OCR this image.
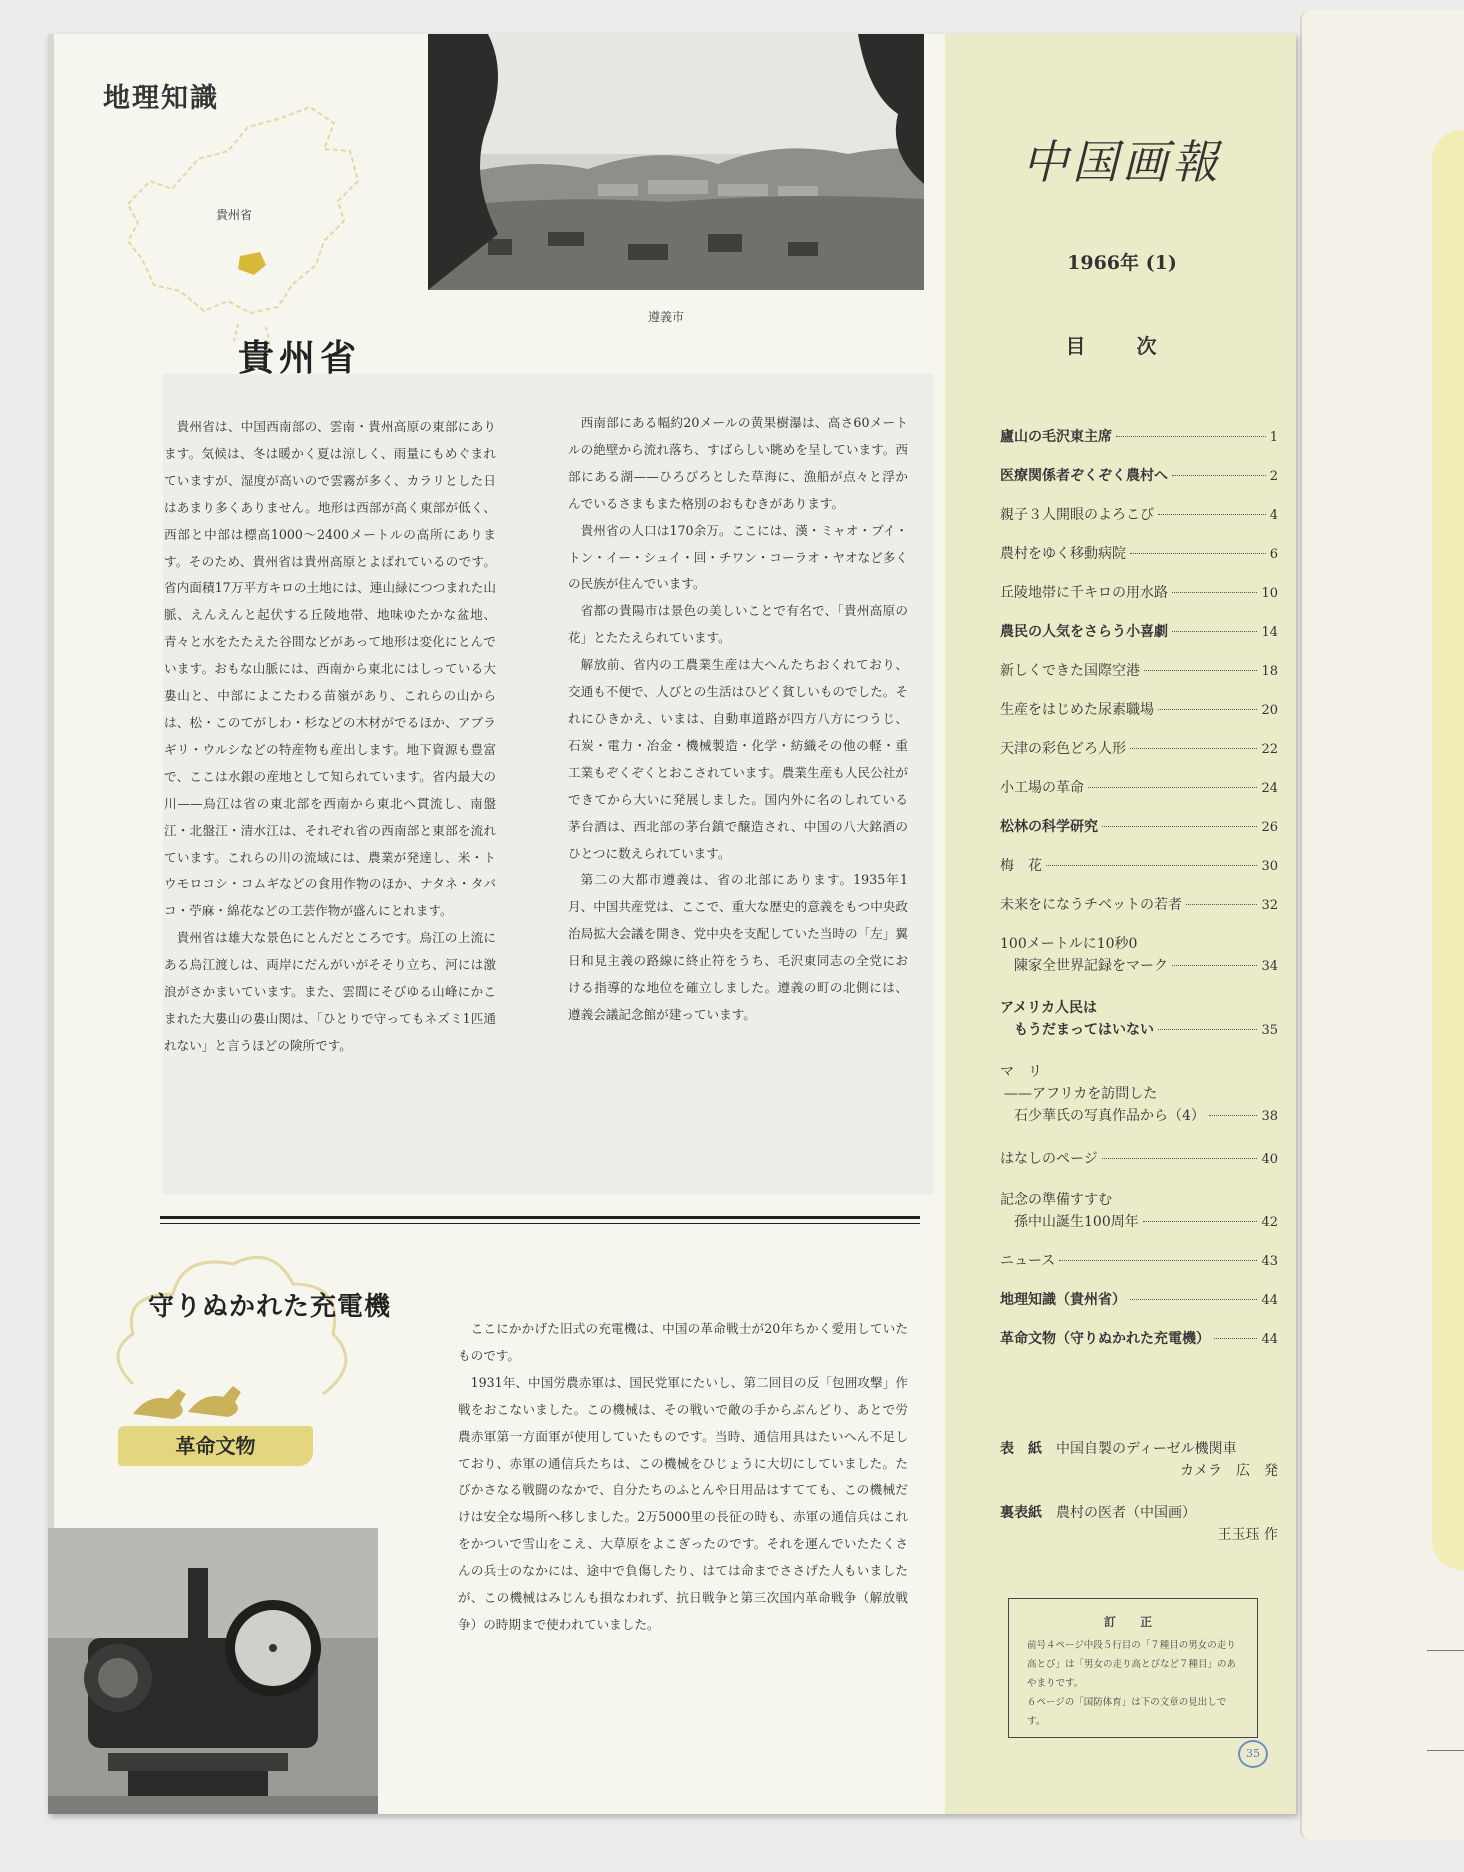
地理知識
貴州省
遵義市
貴州省

貴州省は、中国西南部の、雲南・貴州高原の東部にあります。気候は、冬は暖かく夏は涼しく、雨量にもめぐまれていますが、湿度が高いので雲霧が多く、カラリとした日はあまり多くありません。地形は西部が高く東部が低く、西部と中部は標高1000～2400メートルの高所にあります。そのため、貴州省は貴州高原とよばれているのです。省内面積17万平方キロの土地には、連山緑につつまれた山脈、えんえんと起伏する丘陵地帯、地味ゆたかな盆地、青々と水をたたえた谷間などがあって地形は変化にとんでいます。おもな山脈には、西南から東北にはしっている大婁山と、中部によこたわる苗嶺があり、これらの山からは、松・このてがしわ・杉などの木材がでるほか、アブラギリ・ウルシなどの特産物も産出します。地下資源も豊富で、ここは水銀の産地として知られています。省内最大の川——烏江は省の東北部を西南から東北へ貫流し、南盤江・北盤江・清水江は、それぞれ省の西南部と東部を流れています。これらの川の流域には、農業が発達し、米・トウモロコシ・コムギなどの食用作物のほか、ナタネ・タバコ・苧麻・綿花などの工芸作物が盛んにとれます。

貴州省は雄大な景色にとんだところです。烏江の上流にある烏江渡しは、両岸にだんがいがそそり立ち、河には激浪がさかまいています。また、雲間にそびゆる山峰にかこまれた大婁山の婁山関は、「ひとりで守ってもネズミ1匹通れない」と言うほどの険所です。

西南部にある幅約20メールの黄果樹瀑は、高さ60メートルの絶壁から流れ落ち、すばらしい眺めを呈しています。西部にある湖——ひろびろとした草海に、漁船が点々と浮かんでいるさまもまた格別のおもむきがあります。

貴州省の人口は170余万。ここには、漢・ミャオ・プイ・トン・イー・シュイ・回・チワン・コーラオ・ヤオなど多くの民族が住んでいます。

省都の貴陽市は景色の美しいことで有名で、「貴州高原の花」とたたえられています。

解放前、省内の工農業生産は大へんたちおくれており、交通も不便で、人びとの生活はひどく貧しいものでした。それにひきかえ、いまは、自動車道路が四方八方につうじ、石炭・電力・冶金・機械製造・化学・紡織その他の軽・重工業もぞくぞくとおこされています。農業生産も人民公社ができてから大いに発展しました。国内外に名のしれている茅台酒は、西北部の茅台鎮で醸造され、中国の八大銘酒のひとつに数えられています。

第二の大都市遵義は、省の北部にあります。1935年1月、中国共産党は、ここで、重大な歴史的意義をもつ中央政治局拡大会議を開き、党中央を支配していた当時の「左」翼日和見主義の路線に終止符をうち、毛沢東同志の全党における指導的な地位を確立しました。遵義の町の北側には、遵義会議記念館が建っています。

守りぬかれた充電機
革命文物

ここにかかげた旧式の充電機は、中国の革命戦士が20年ちかく愛用していたものです。

1931年、中国労農赤軍は、国民党軍にたいし、第二回目の反「包囲攻撃」作戦をおこないました。この機械は、その戦いで敵の手からぶんどり、あとで労農赤軍第一方面軍が使用していたものです。当時、通信用具はたいへん不足しており、赤軍の通信兵たちは、この機械をひじょうに大切にしていました。たびかさなる戦闘のなかで、自分たちのふとんや日用品はすてても、この機械だけは安全な場所へ移しました。2万5000里の長征の時も、赤軍の通信兵はこれをかついで雪山をこえ、大草原をよこぎったのです。それを運んでいたたくさんの兵士のなかには、途中で負傷したり、はては命までささげた人もいましたが、この機械はみじんも損なわれず、抗日戦争と第三次国内革命戦争（解放戦争）の時期まで使われていました。

中国画報
1966年 (1)
目 次
廬山の毛沢東主席	1
医療関係者ぞくぞく農村へ	2
親子３人開眼のよろこび	4
農村をゆく移動病院	6
丘陵地帯に千キロの用水路	10
農民の人気をさらう小喜劇	14
新しくできた国際空港	18
生産をはじめた尿素職場	20
天津の彩色どろ人形	22
小工場の革命	24
松林の科学研究	26
梅　花	30
未来をになうチベットの若者	32
100メートルに10秒0
陳家全世界記録をマーク	34
アメリカ人民は
もうだまってはいない	35
マ　リ
——アフリカを訪問した
石少華氏の写真作品から（4）	38
はなしのページ	40
記念の準備すすむ
孫中山誕生100周年	42
ニュース	43
地理知識（貴州省）	44
革命文物（守りぬかれた充電機）	44
表　紙　 中国自製のディーゼル機関車
カメラ　広　発
裏表紙　 農村の医者（中国画）
王玉珏 作
訂 正
前号４ページ中段５行目の「７種目の男女の走り高とび」は「男女の走り高とびなど７種目」のあやまりです。
６ページの「国防体育」は下の文章の見出しです。
35
